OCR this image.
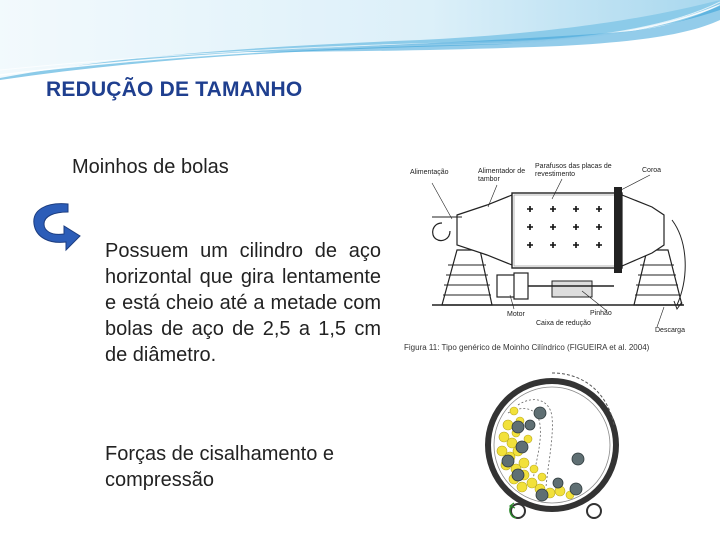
REDUÇÃO DE TAMANHO
Moinhos de bolas
Possuem um cilindro de aço horizontal que gira lentamente e está cheio até a metade com bolas de aço de 2,5 a 1,5 cm de diâmetro.
Forças de cisalhamento e compressão
Alimentação	Alimentador de tambor
Parafusos das placas de revestimento
Coroa
Motor	Pinhão
Caixa de redução
Descarga
Figura 11: Tipo genérico de Moinho Cilíndrico (FIGUEIRA et al. 2004)
